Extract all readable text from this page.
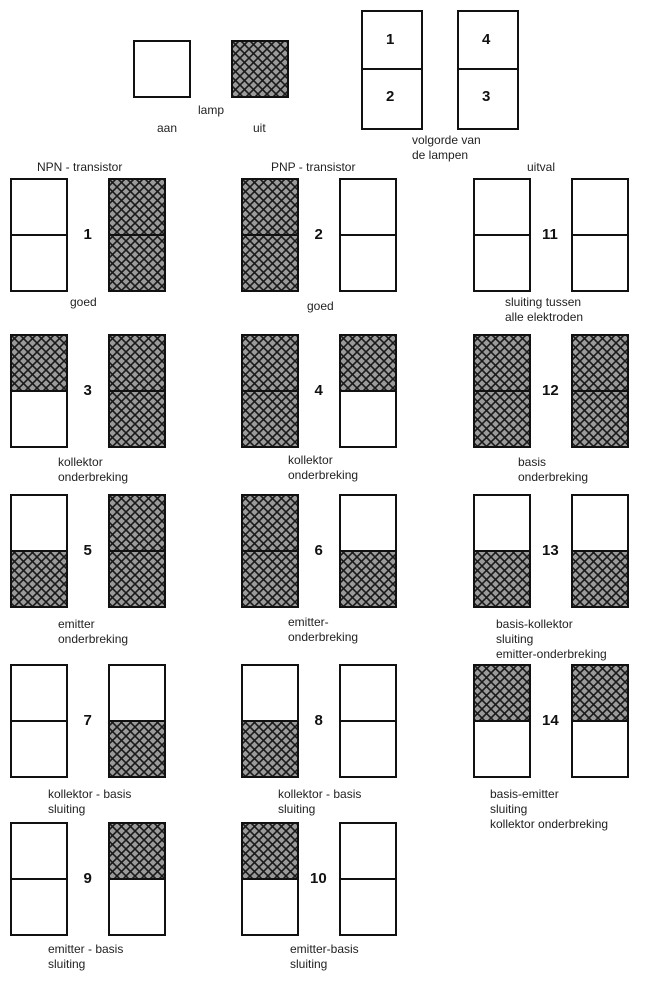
lamp
aan	uit
1
2
4
3
volgorde van
de lampen
NPN - transistor	PNP - transistor	uitval
1
goed
2
goed
11
sluiting tussen
alle elektroden
3
kollektor
onderbreking
4
kollektor
onderbreking
12
basis
onderbreking
5
emitter
onderbreking
6
emitter-
onderbreking
13
basis-kollektor
sluiting
emitter-onderbreking
7
kollektor - basis
sluiting
8
kollektor - basis
sluiting
14
basis-emitter
sluiting
kollektor onderbreking
9
emitter - basis
sluiting
10
emitter-basis
sluiting
